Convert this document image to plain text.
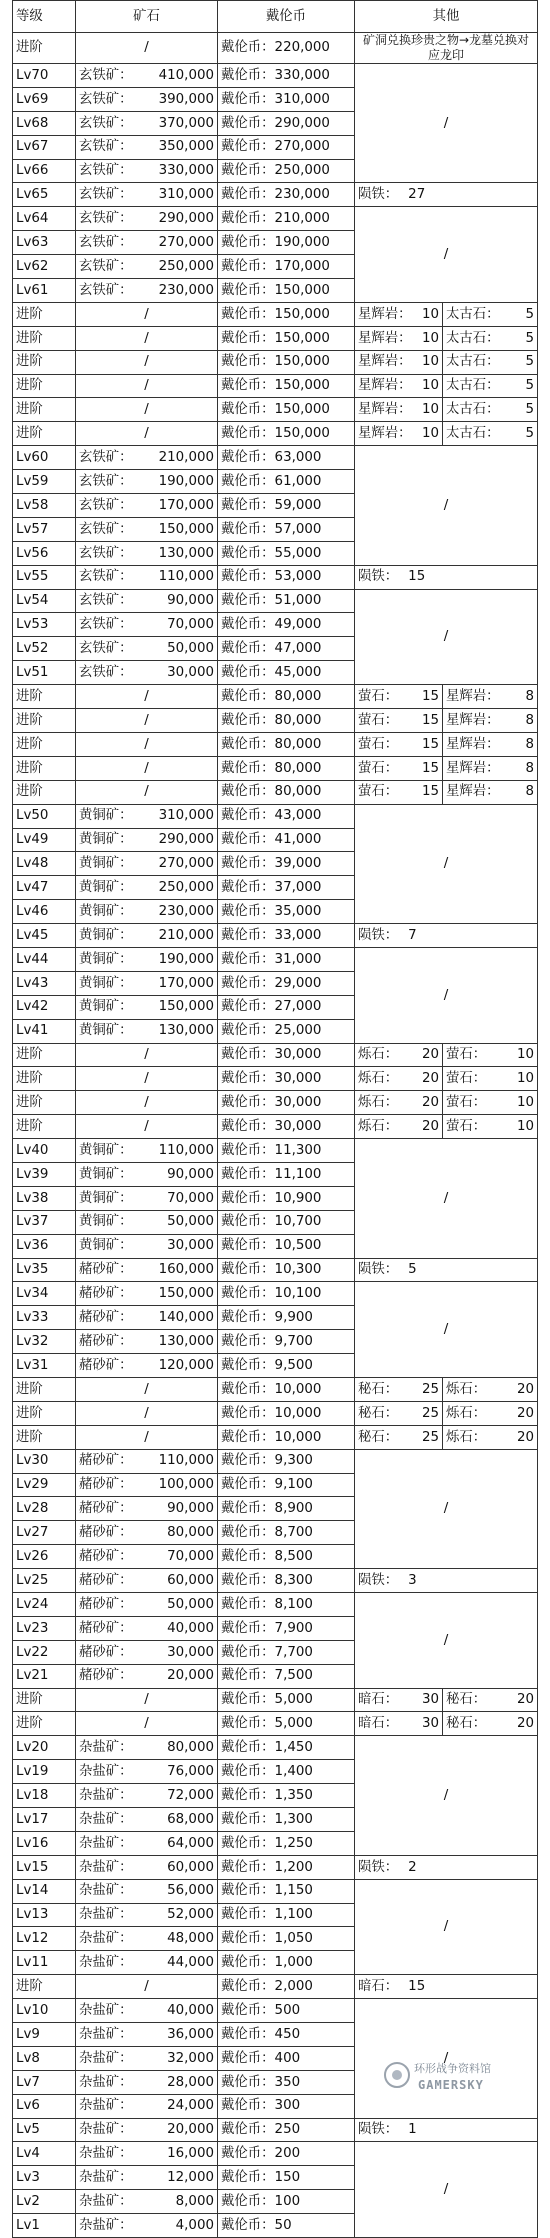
等级	矿石	戴伦币	其他	
进阶	/	戴伦币：220,000	矿洞兑换珍贵之物→龙墓兑换对应龙印	
Lv70	玄铁矿： 410,000	戴伦币：330,000	/	
Lv69	玄铁矿： 390,000	戴伦币：310,000		
Lv68	玄铁矿： 370,000	戴伦币：290,000		
Lv67	玄铁矿： 350,000	戴伦币：270,000		
Lv66	玄铁矿： 330,000	戴伦币：250,000		
Lv65	玄铁矿： 310,000	戴伦币：230,000	陨铁： 27	
Lv64	玄铁矿： 290,000	戴伦币：210,000	/	
Lv63	玄铁矿： 270,000	戴伦币：190,000		
Lv62	玄铁矿： 250,000	戴伦币：170,000		
Lv61	玄铁矿： 230,000	戴伦币：150,000		
进阶	/	戴伦币：150,000	星辉岩： 10	太古石： 5

进阶	/	戴伦币：150,000	星辉岩： 10	太古石： 5

进阶	/	戴伦币：150,000	星辉岩： 10	太古石： 5

进阶	/	戴伦币：150,000	星辉岩： 10	太古石： 5

进阶	/	戴伦币：150,000	星辉岩： 10	太古石： 5

进阶	/	戴伦币：150,000	星辉岩： 10	太古石： 5

Lv60	玄铁矿： 210,000	戴伦币：63,000	/	
Lv59	玄铁矿： 190,000	戴伦币：61,000		
Lv58	玄铁矿： 170,000	戴伦币：59,000		
Lv57	玄铁矿： 150,000	戴伦币：57,000		
Lv56	玄铁矿： 130,000	戴伦币：55,000		
Lv55	玄铁矿： 110,000	戴伦币：53,000	陨铁： 15	
Lv54	玄铁矿： 90,000	戴伦币：51,000	/	
Lv53	玄铁矿： 70,000	戴伦币：49,000		
Lv52	玄铁矿： 50,000	戴伦币：47,000		
Lv51	玄铁矿： 30,000	戴伦币：45,000		
进阶	/	戴伦币：80,000	萤石： 15	星辉岩： 8

进阶	/	戴伦币：80,000	萤石： 15	星辉岩： 8

进阶	/	戴伦币：80,000	萤石： 15	星辉岩： 8

进阶	/	戴伦币：80,000	萤石： 15	星辉岩： 8

进阶	/	戴伦币：80,000	萤石： 15	星辉岩： 8

Lv50	黄铜矿： 310,000	戴伦币：43,000	/	
Lv49	黄铜矿： 290,000	戴伦币：41,000		
Lv48	黄铜矿： 270,000	戴伦币：39,000		
Lv47	黄铜矿： 250,000	戴伦币：37,000		
Lv46	黄铜矿： 230,000	戴伦币：35,000		
Lv45	黄铜矿： 210,000	戴伦币：33,000	陨铁： 7	
Lv44	黄铜矿： 190,000	戴伦币：31,000	/	
Lv43	黄铜矿： 170,000	戴伦币：29,000		
Lv42	黄铜矿： 150,000	戴伦币：27,000		
Lv41	黄铜矿： 130,000	戴伦币：25,000		
进阶	/	戴伦币：30,000	烁石： 20	萤石： 10

进阶	/	戴伦币：30,000	烁石： 20	萤石： 10

进阶	/	戴伦币：30,000	烁石： 20	萤石： 10

进阶	/	戴伦币：30,000	烁石： 20	萤石： 10

Lv40	黄铜矿： 110,000	戴伦币：11,300	/	
Lv39	黄铜矿： 90,000	戴伦币：11,100		
Lv38	黄铜矿： 70,000	戴伦币：10,900		
Lv37	黄铜矿： 50,000	戴伦币：10,700		
Lv36	黄铜矿： 30,000	戴伦币：10,500		
Lv35	赭砂矿： 160,000	戴伦币：10,300	陨铁： 5	
Lv34	赭砂矿： 150,000	戴伦币：10,100	/	
Lv33	赭砂矿： 140,000	戴伦币：9,900		
Lv32	赭砂矿： 130,000	戴伦币：9,700		
Lv31	赭砂矿： 120,000	戴伦币：9,500		
进阶	/	戴伦币：10,000	秘石： 25	烁石： 20

进阶	/	戴伦币：10,000	秘石： 25	烁石： 20

进阶	/	戴伦币：10,000	秘石： 25	烁石： 20

Lv30	赭砂矿： 110,000	戴伦币：9,300	/	
Lv29	赭砂矿： 100,000	戴伦币：9,100		
Lv28	赭砂矿： 90,000	戴伦币：8,900		
Lv27	赭砂矿： 80,000	戴伦币：8,700		
Lv26	赭砂矿： 70,000	戴伦币：8,500		
Lv25	赭砂矿： 60,000	戴伦币：8,300	陨铁： 3	
Lv24	赭砂矿： 50,000	戴伦币：8,100	/	
Lv23	赭砂矿： 40,000	戴伦币：7,900		
Lv22	赭砂矿： 30,000	戴伦币：7,700		
Lv21	赭砂矿： 20,000	戴伦币：7,500		
进阶	/	戴伦币：5,000	暗石： 30	秘石： 20

进阶	/	戴伦币：5,000	暗石： 30	秘石： 20

Lv20	杂盐矿： 80,000	戴伦币：1,450	/	
Lv19	杂盐矿： 76,000	戴伦币：1,400		
Lv18	杂盐矿： 72,000	戴伦币：1,350		
Lv17	杂盐矿： 68,000	戴伦币：1,300		
Lv16	杂盐矿： 64,000	戴伦币：1,250		
Lv15	杂盐矿： 60,000	戴伦币：1,200	陨铁： 2	
Lv14	杂盐矿： 56,000	戴伦币：1,150	/	
Lv13	杂盐矿： 52,000	戴伦币：1,100		
Lv12	杂盐矿： 48,000	戴伦币：1,050		
Lv11	杂盐矿： 44,000	戴伦币：1,000		
进阶	/	戴伦币：2,000	暗石： 15	
Lv10	杂盐矿： 40,000	戴伦币：500	/	
Lv9	杂盐矿： 36,000	戴伦币：450		
Lv8	杂盐矿： 32,000	戴伦币：400		
Lv7	杂盐矿： 28,000	戴伦币：350		
Lv6	杂盐矿： 24,000	戴伦币：300		
Lv5	杂盐矿： 20,000	戴伦币：250	陨铁： 1	
Lv4	杂盐矿： 16,000	戴伦币：200	/	
Lv3	杂盐矿： 12,000	戴伦币：150		
Lv2	杂盐矿： 8,000	戴伦币：100		
Lv1	杂盐矿： 4,000	戴伦币：50		
环形战争资料馆
GAMERSKY
